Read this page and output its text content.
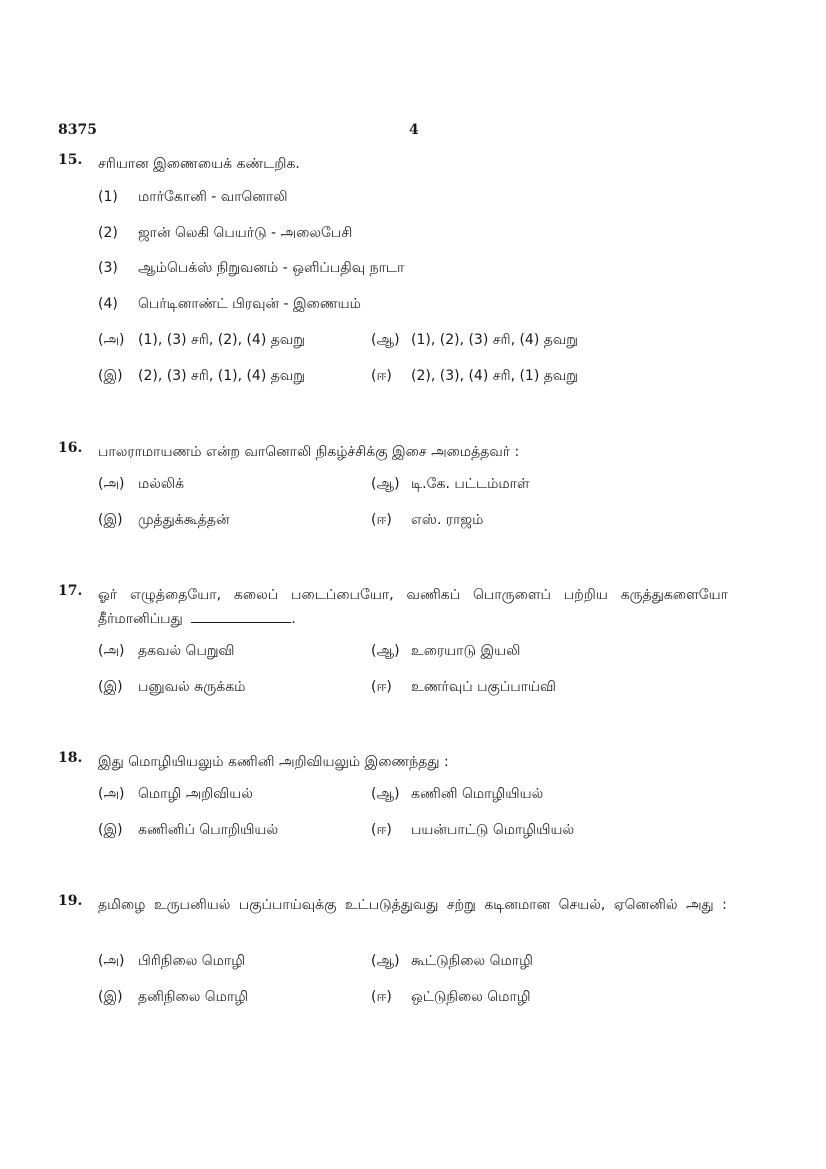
8375	4
15. சரியான இணையைக் கண்டறிக.
(1) மார்கோனி - வானொலி
(2) ஜான் லெகி பெயர்டு - அலைபேசி
(3) ஆம்பெக்ஸ் நிறுவனம் - ஒளிப்பதிவு நாடா
(4) பெர்டினாண்ட் பிரவுன் - இணையம்
(அ) (1), (3) சரி, (2), (4) தவறு	(ஆ) (1), (2), (3) சரி, (4) தவறு
(இ) (2), (3) சரி, (1), (4) தவறு	(ஈ) (2), (3), (4) சரி, (1) தவறு
16. பாலராமாயணம் என்ற வானொலி நிகழ்ச்சிக்கு இசை அமைத்தவர் :
(அ) மல்லிக்	(ஆ) டி.கே. பட்டம்மாள்
(இ) முத்துக்கூத்தன்	(ஈ) எஸ். ராஜம்
17. ஓர் எழுத்தையோ, கலைப் படைப்பையோ, வணிகப் பொருளைப் பற்றிய கருத்துகளையோ தீர்மானிப்பது	.
(அ) தகவல் பெறுவி	(ஆ) உரையாடு இயலி
(இ) பனுவல் சுருக்கம்	(ஈ) உணர்வுப் பகுப்பாய்வி
18. இது மொழியியலும் கணினி அறிவியலும் இணைந்தது :
(அ) மொழி அறிவியல்	(ஆ) கணினி மொழியியல்
(இ) கணினிப் பொறியியல்	(ஈ) பயன்பாட்டு மொழியியல்
19. தமிழை உருபனியல் பகுப்பாய்வுக்கு உட்படுத்துவது சற்று கடினமான செயல், ஏனெனில் அது :
(அ) பிரிநிலை மொழி	(ஆ) கூட்டுநிலை மொழி
(இ) தனிநிலை மொழி	(ஈ) ஒட்டுநிலை மொழி
